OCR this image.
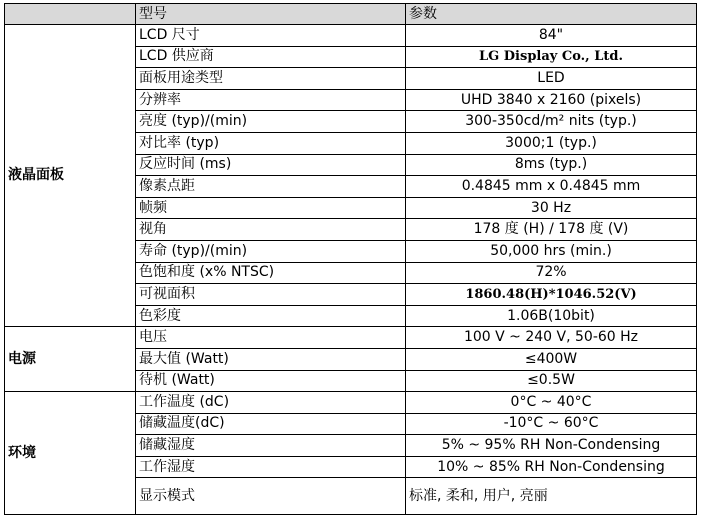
	型号	参数
液晶面板	LCD 尺寸	84"
	LCD 供应商	LG Display Co., Ltd.
	面板用途类型	LED
	分辨率	UHD 3840 x 2160 (pixels)
	亮度 (typ)/(min)	300-350cd/m² nits (typ.)
	对比率 (typ)	3000;1 (typ.)
	反应时间 (ms)	8ms (typ.)
	像素点距	0.4845 mm x 0.4845 mm
	帧频	30 Hz
	视角	178 度 (H) / 178 度 (V)
	寿命 (typ)/(min)	50,000 hrs (min.)
	色饱和度 (x% NTSC)	72%
	可视面积	1860.48(H)*1046.52(V)
	色彩度	1.06B(10bit)
电源	电压	100 V ~ 240 V, 50-60 Hz
	最大值 (Watt)	≤400W
	待机 (Watt)	≤0.5W
环境	工作温度 (dC)	0°C ~ 40°C
	储藏温度(dC)	-10°C ~ 60°C
	储藏湿度	5% ~ 95% RH Non-Condensing
	工作湿度	10% ~ 85% RH Non-Condensing
	显示模式	标准, 柔和, 用户, 亮丽
